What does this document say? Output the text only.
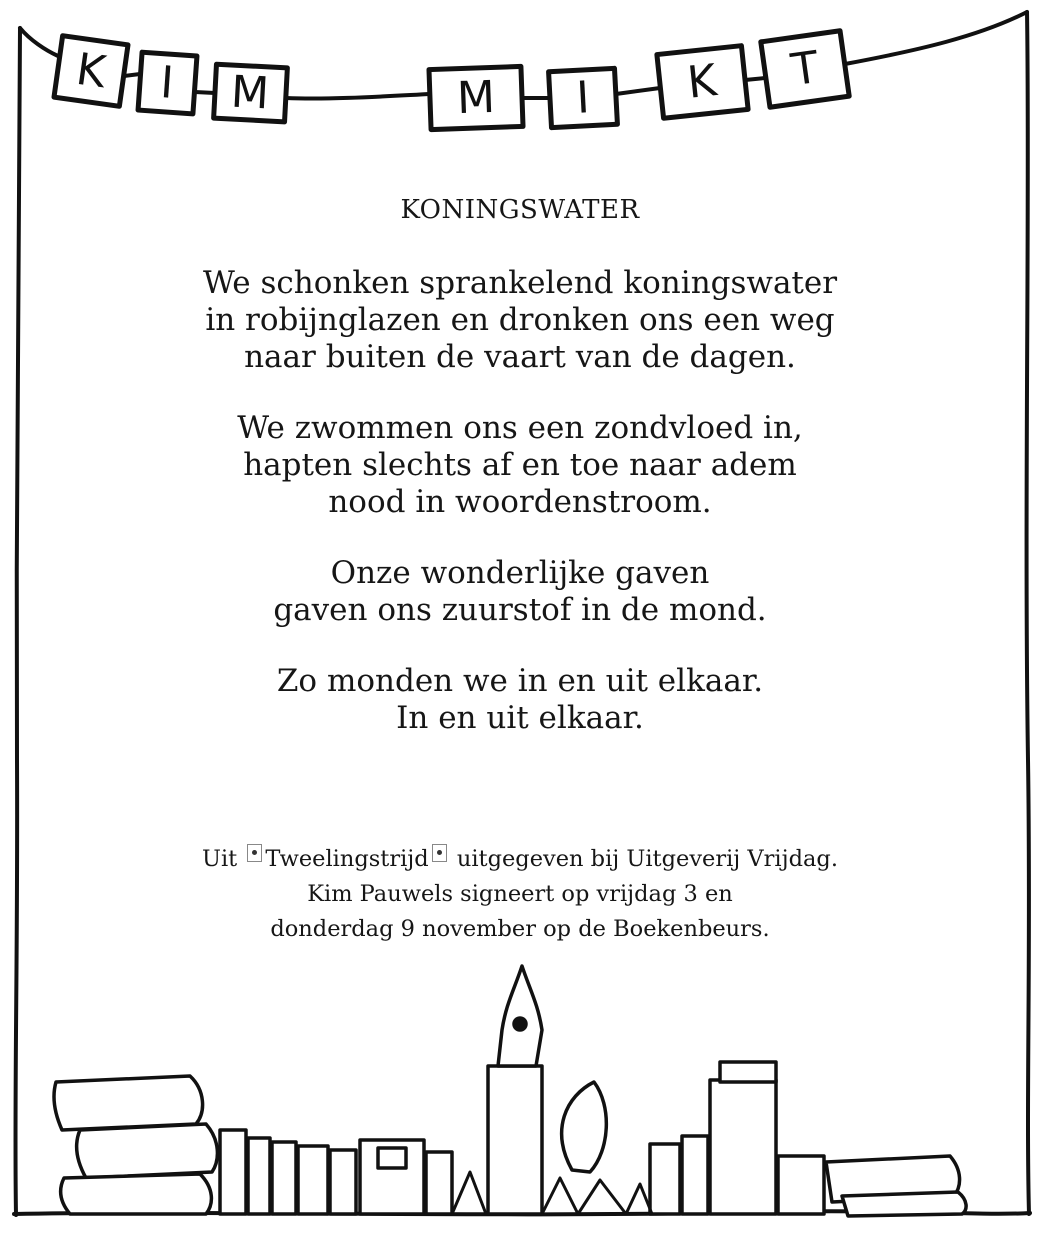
K I M	M I K T
KONINGSWATER
We schonken sprankelend koningswater
in robijnglazen en dronken ons een weg
naar buiten de vaart van de dagen.
We zwommen ons een zondvloed in,
hapten slechts af en toe naar adem
nood in woordenstroom.
Onze wonderlijke gaven
gaven ons zuurstof in de mond.
Zo monden we in en uit elkaar.
In en uit elkaar.
Uit Tweelingstrijd uitgegeven bij Uitgeverij Vrijdag.
Kim Pauwels signeert op vrijdag 3 en
donderdag 9 november op de Boekenbeurs.
